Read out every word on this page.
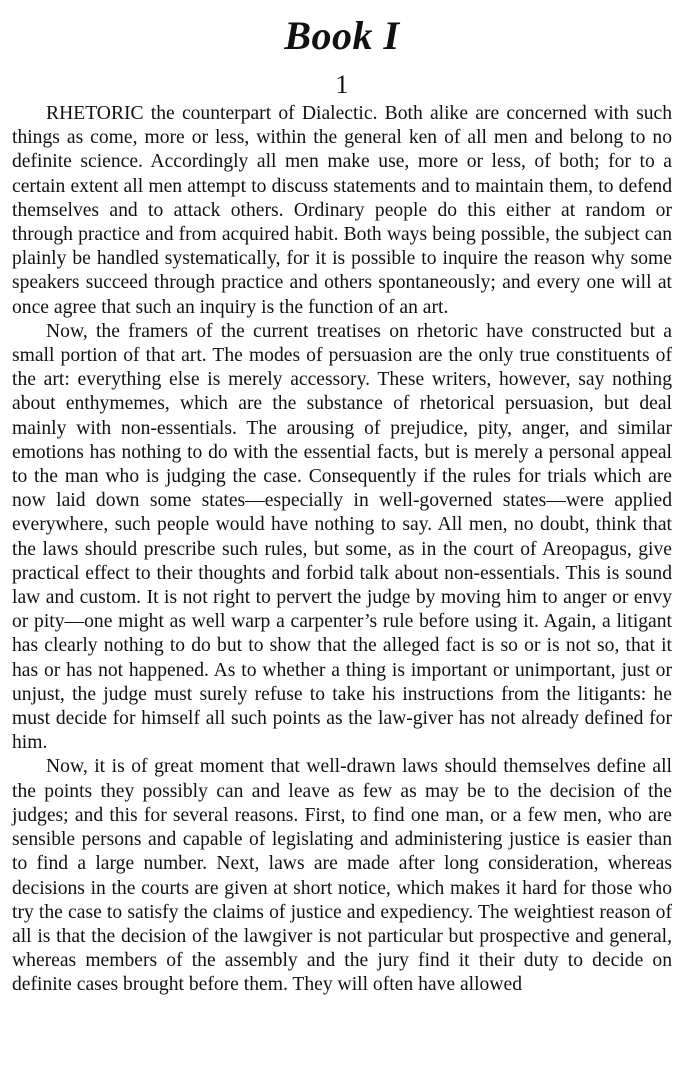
Book I
1

RHETORIC the counterpart of Dialectic. Both alike are concerned with such things as come, more or less, within the general ken of all men and belong to no definite science. Accordingly all men make use, more or less, of both; for to a certain extent all men attempt to discuss statements and to maintain them, to defend themselves and to attack others. Ordinary people do this either at random or through practice and from acquired habit. Both ways being possible, the subject can plainly be handled systematically, for it is possible to inquire the reason why some speakers succeed through practice and others spontaneously; and every one will at once agree that such an inquiry is the function of an art.

Now, the framers of the current treatises on rhetoric have constructed but a small portion of that art. The modes of persuasion are the only true constituents of the art: everything else is merely accessory. These writers, however, say nothing about enthymemes, which are the substance of rhetorical persuasion, but deal mainly with non-essentials. The arousing of prejudice, pity, anger, and similar emotions has nothing to do with the essential facts, but is merely a personal appeal to the man who is judging the case. Consequently if the rules for trials which are now laid down some states—especially in well-governed states—were applied everywhere, such people would have nothing to say. All men, no doubt, think that the laws should prescribe such rules, but some, as in the court of Areopagus, give practical effect to their thoughts and forbid talk about non-essentials. This is sound law and custom. It is not right to pervert the judge by moving him to anger or envy or pity—one might as well warp a carpenter’s rule before using it. Again, a litigant has clearly nothing to do but to show that the alleged fact is so or is not so, that it has or has not happened. As to whether a thing is important or unimportant, just or unjust, the judge must surely refuse to take his instructions from the litigants: he must decide for himself all such points as the law-giver has not already defined for him.

Now, it is of great moment that well-drawn laws should themselves define all the points they possibly can and leave as few as may be to the decision of the judges; and this for several reasons. First, to find one man, or a few men, who are sensible persons and capable of legislating and administering justice is easier than to find a large number. Next, laws are made after long consideration, whereas decisions in the courts are given at short notice, which makes it hard for those who try the case to satisfy the claims of justice and expediency. The weightiest reason of all is that the decision of the lawgiver is not particular but prospective and general, whereas members of the assembly and the jury find it their duty to decide on definite cases brought before them. They will often have allowed
